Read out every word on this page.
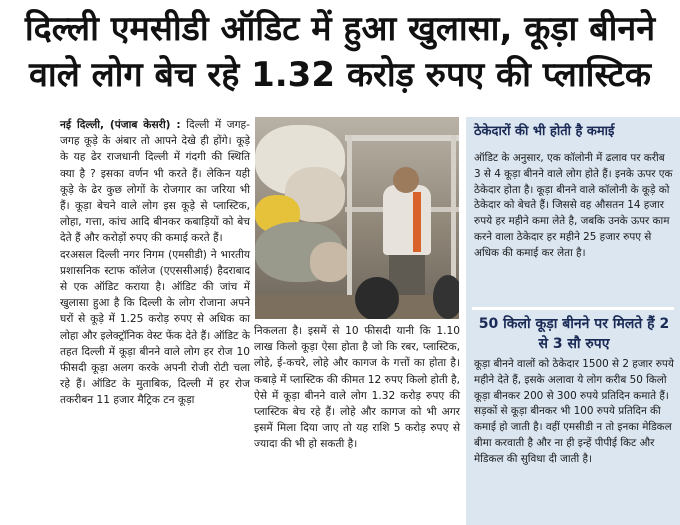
दिल्ली एमसीडी ऑडिट में हुआ खुलासा, कूड़ा बीनने
वाले लोग बेच रहे 1.32 करोड़ रुपए की प्लास्टिक

नई दिल्ली, (पंजाब केसरी) : दिल्ली में जगह-जगह कूड़े के अंबार तो आपने देखे ही होंगे। कूड़े के यह ढेर राजधानी दिल्ली में गंदगी की स्थिति क्या है ? इसका वर्णन भी करते हैं। लेकिन यही कूड़े के ढेर कुछ लोगों के रोजगार का जरिया भी हैं। कूड़ा बेचने वाले लोग इस कूड़े से प्लास्टिक, लोहा, गत्ता, कांच आदि बीनकर कबाड़ियों को बेच देते हैं और करोड़ों रुपए की कमाई करते हैं।

दरअसल दिल्ली नगर निगम (एमसीडी) ने भारतीय प्रशासनिक स्टाफ कॉलेज (एएससीआई) हैदराबाद से एक ऑडिट कराया है। ऑडिट की जांच में खुलासा हुआ है कि दिल्ली के लोग रोजाना अपने घरों से कूड़े में 1.25 करोड़ रुपए से अधिक का लोहा और इलेक्ट्रॉनिक वेस्ट फेंक देते हैं। ऑडिट के तहत दिल्ली में कूड़ा बीनने वाले लोग हर रोज 10 फीसदी कूड़ा अलग करके अपनी रोजी रोटी चला रहे हैं। ऑडिट के मुताबिक, दिल्ली में हर रोज तकरीबन 11 हजार मैट्रिक टन कूड़ा

निकलता है। इसमें से 10 फीसदी यानी कि 1.10 लाख किलो कूड़ा ऐसा होता है जो कि रबर, प्लास्टिक, लोहे, ई-कचरे, लोहे और कागज के गत्तों का होता है। कबाड़े में प्लास्टिक की कीमत 12 रुपए किलो होती है, ऐसे में कूड़ा बीनने वाले लोग 1.32 करोड़ रुपए की प्लास्टिक बेच रहे हैं। लोहे और कागज को भी अगर इसमें मिला दिया जाए तो यह राशि 5 करोड़ रुपए से ज्यादा की भी हो सकती है।

ठेकेदारों की भी होती है कमाई
ऑडिट के अनुसार, एक कॉलोनी में ढलाव पर करीब 3 से 4 कूड़ा बीनने वाले लोग होते हैं। इनके ऊपर एक ठेकेदार होता है। कूड़ा बीनने वाले कॉलोनी के कूड़े को ठेकेदार को बेचते हैं। जिससे वह औसतन 14 हजार रुपये हर महीने कमा लेते है, जबकि उनके ऊपर काम करने वाला ठेकेदार हर महीने 25 हजार रुपए से अधिक की कमाई कर लेता है।
50 किलो कूड़ा बीनने पर मिलते हैं 2 से 3 सौ रुपए
कूड़ा बीनने वालों को ठेकेदार 1500 से 2 हजार रुपये महीने देते हैं, इसके अलावा ये लोग करीब 50 किलो कूड़ा बीनकर 200 से 300 रुपये प्रतिदिन कमाते हैं। सड़कों से कूड़ा बीनकर भी 100 रुपये प्रतिदिन की कमाई हो जाती है। वहीं एमसीडी न तो इनका मेडिकल बीमा करवाती है और ना ही इन्हें पीपीई किट और मेडिकल की सुविधा दी जाती है।
